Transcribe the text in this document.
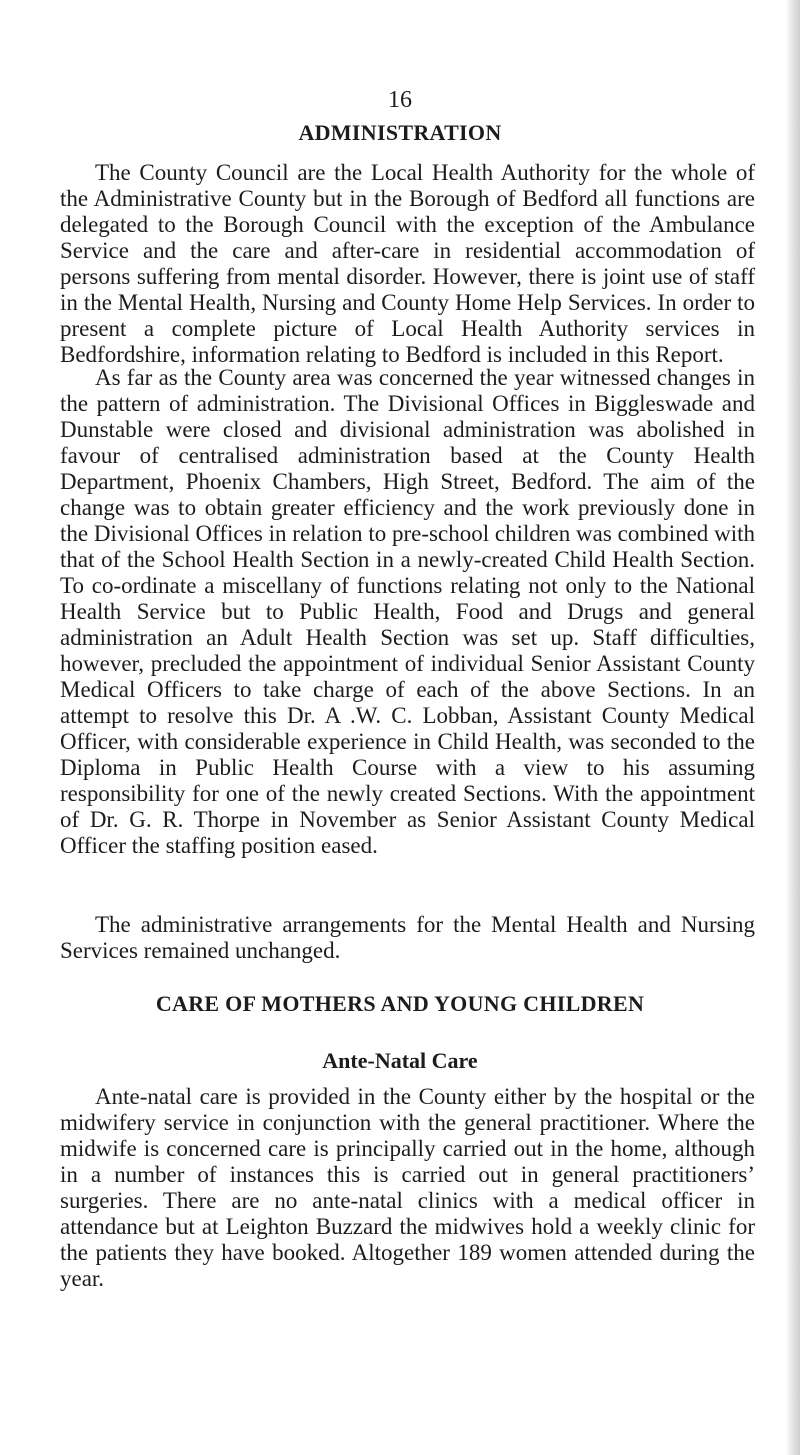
16
ADMINISTRATION

The County Council are the Local Health Authority for the whole of the Administrative County but in the Borough of Bedford all functions are delegated to the Borough Council with the exception of the Ambulance Service and the care and after-care in residential accommodation of persons suffering from mental disorder. However, there is joint use of staff in the Mental Health, Nursing and County Home Help Services. In order to present a complete picture of Local Health Authority services in Bedfordshire, information relating to Bedford is included in this Report.

As far as the County area was concerned the year witnessed changes in the pattern of administration. The Divisional Offices in Biggleswade and Dunstable were closed and divisional administration was abolished in favour of centralised administration based at the County Health Department, Phoenix Chambers, High Street, Bedford. The aim of the change was to obtain greater efficiency and the work previously done in the Divisional Offices in relation to pre-school children was combined with that of the School Health Section in a newly-created Child Health Section. To co-ordinate a miscellany of functions relating not only to the National Health Service but to Public Health, Food and Drugs and general administration an Adult Health Section was set up. Staff difficulties, however, precluded the appointment of individual Senior Assistant County Medical Officers to take charge of each of the above Sections. In an attempt to resolve this Dr. A .W. C. Lobban, Assistant County Medical Officer, with considerable experience in Child Health, was seconded to the Diploma in Public Health Course with a view to his assuming responsibility for one of the newly created Sections. With the appointment of Dr. G. R. Thorpe in November as Senior Assistant County Medical Officer the staffing position eased.

The administrative arrangements for the Mental Health and Nursing Services remained unchanged.

CARE OF MOTHERS AND YOUNG CHILDREN
Ante-Natal Care

Ante-natal care is provided in the County either by the hospital or the midwifery service in conjunction with the general practitioner. Where the midwife is concerned care is principally carried out in the home, although in a number of instances this is carried out in general practitioners’ surgeries. There are no ante-natal clinics with a medical officer in attendance but at Leighton Buzzard the midwives hold a weekly clinic for the patients they have booked. Altogether 189 women attended during the year.
